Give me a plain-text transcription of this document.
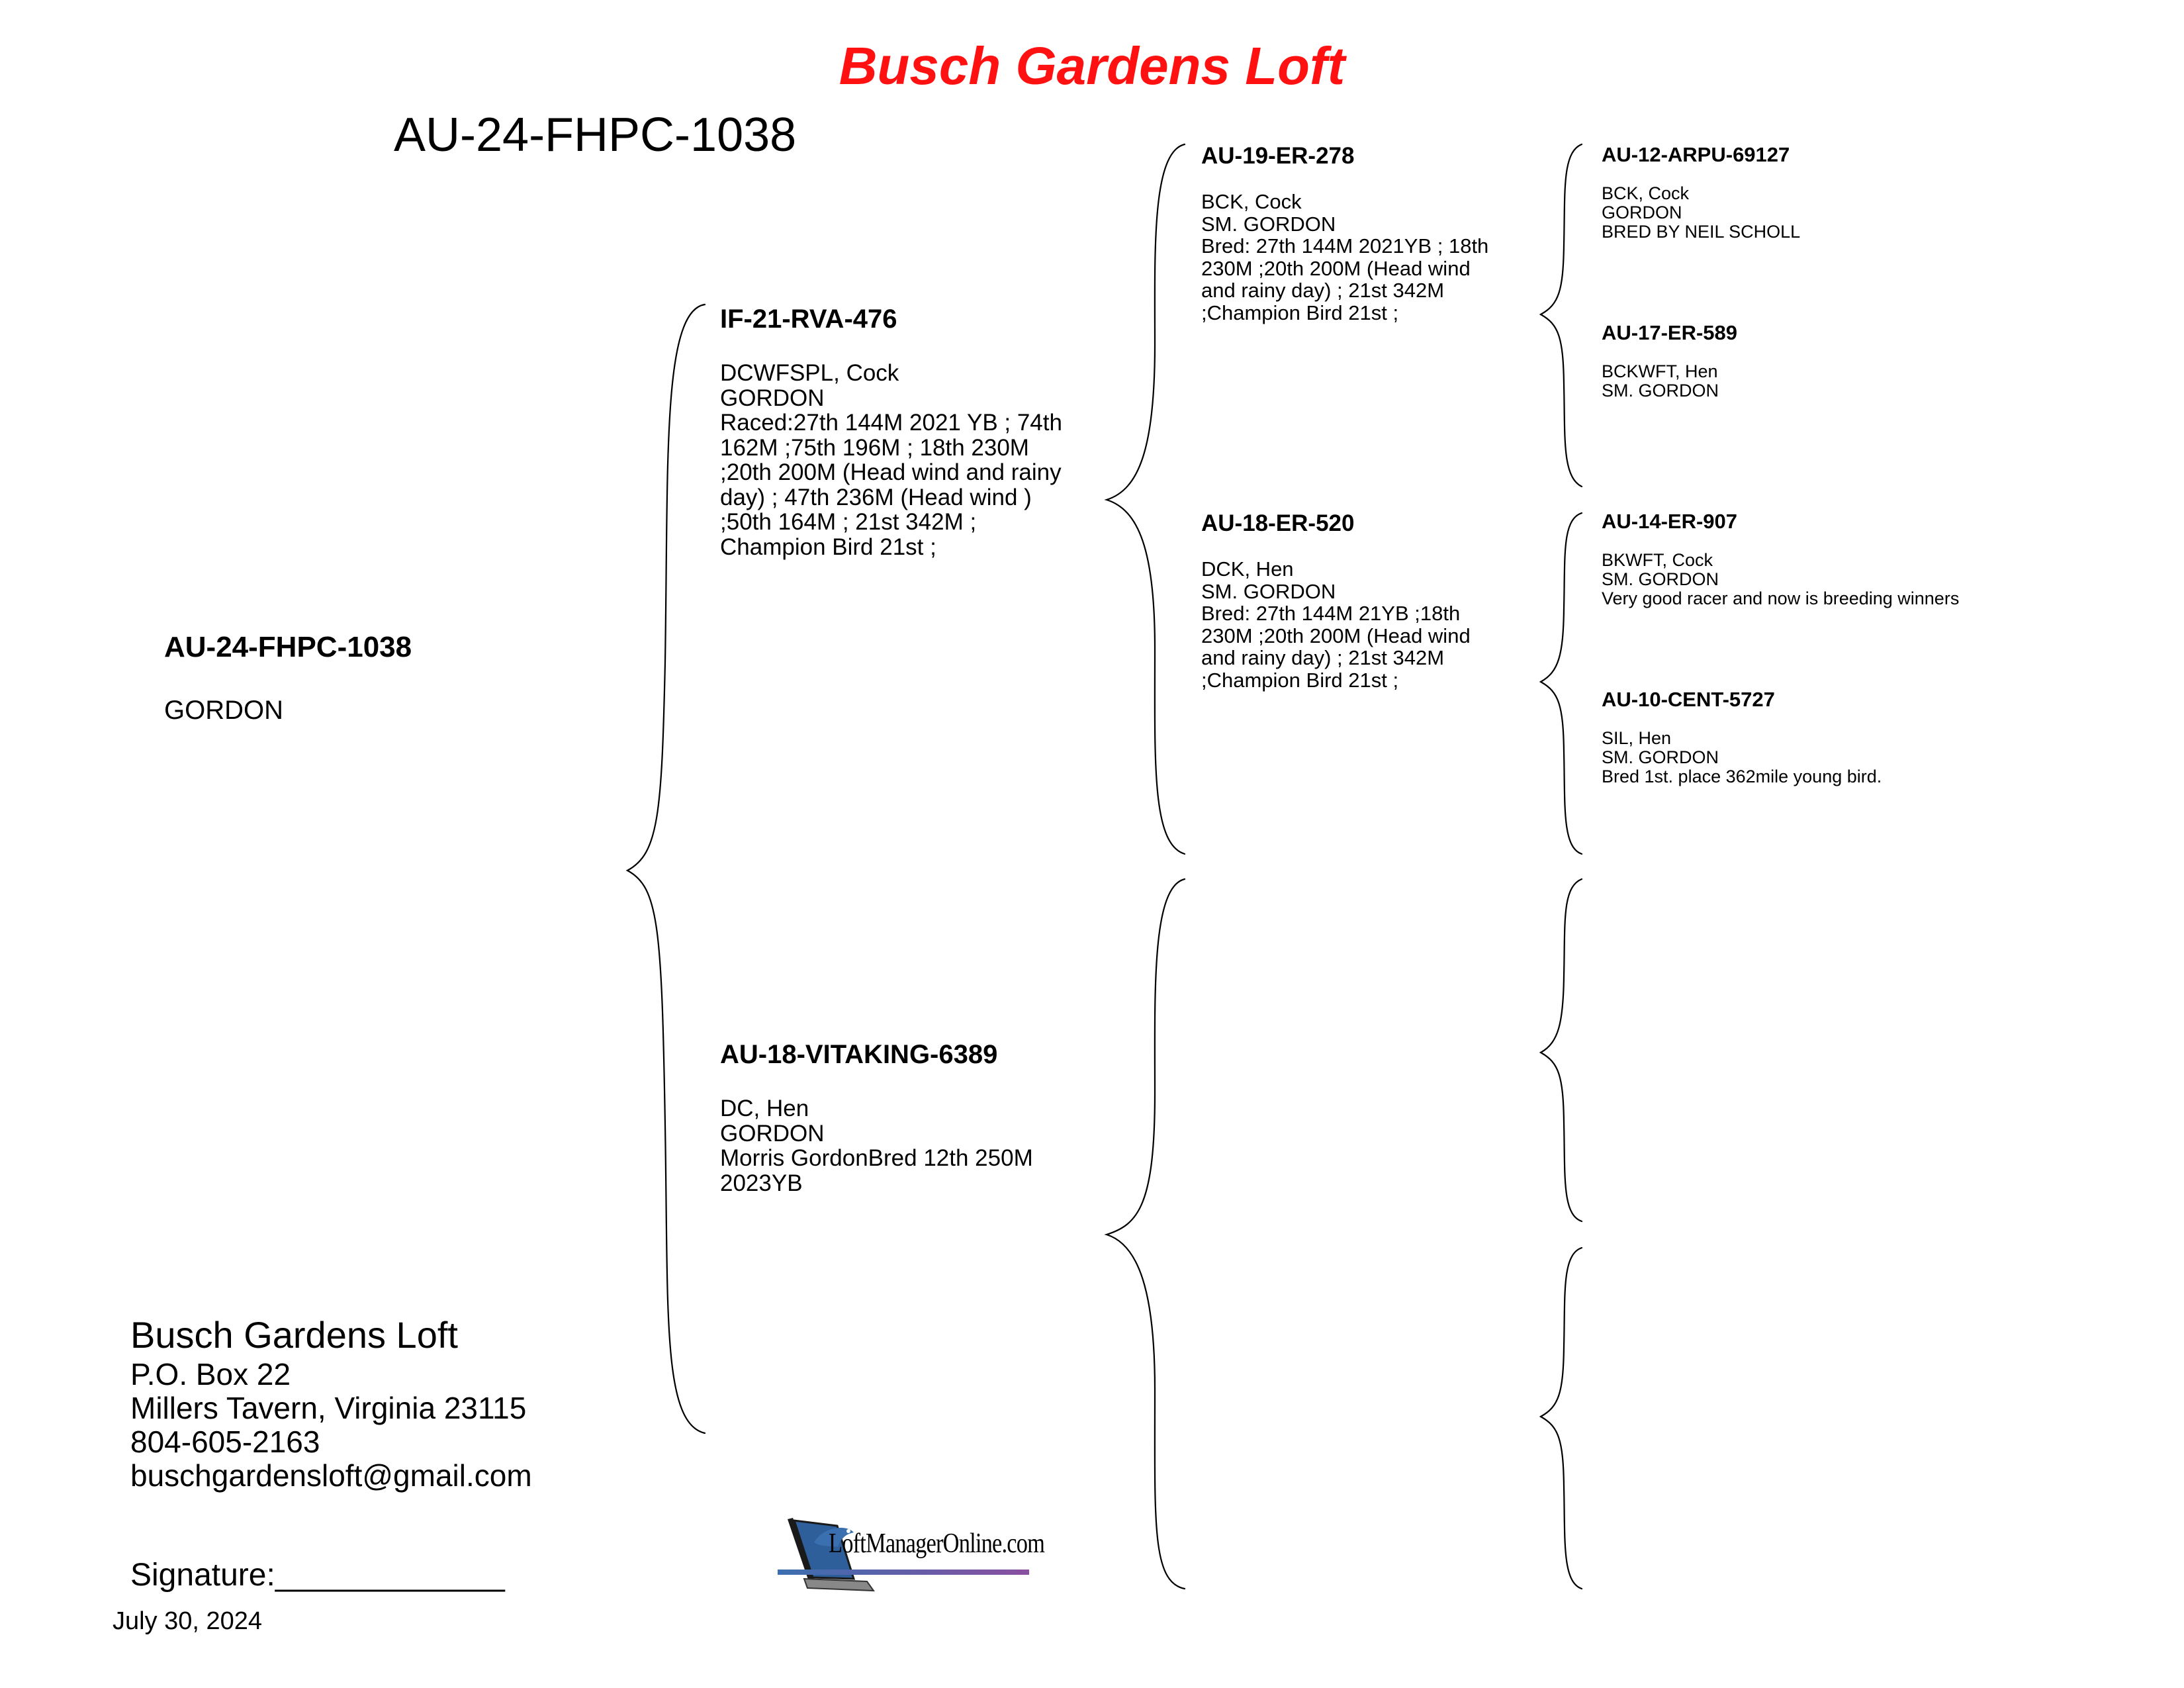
Busch Gardens Loft
AU-24-FHPC-1038
AU-24-FHPC-1038
GORDON
IF-21-RVA-476
DCWFSPL, Cock
GORDON
Raced:27th 144M 2021 YB ; 74th
162M ;75th 196M ; 18th 230M
;20th 200M (Head wind and rainy
day) ; 47th 236M (Head wind )
;50th 164M ; 21st 342M ;
Champion Bird 21st ;
AU-18-VITAKING-6389
DC, Hen
GORDON
Morris GordonBred 12th 250M
2023YB
AU-19-ER-278
BCK, Cock
SM. GORDON
Bred: 27th 144M 2021YB ; 18th
230M ;20th 200M (Head wind
and rainy day) ; 21st 342M
;Champion Bird 21st ;
AU-18-ER-520
DCK, Hen
SM. GORDON
Bred: 27th 144M 21YB ;18th
230M ;20th 200M (Head wind
and rainy day) ; 21st 342M
;Champion Bird 21st ;
AU-12-ARPU-69127
BCK, Cock
GORDON
BRED BY NEIL SCHOLL
AU-17-ER-589
BCKWFT, Hen
SM. GORDON
AU-14-ER-907
BKWFT, Cock
SM. GORDON
Very good racer and now is breeding winners
AU-10-CENT-5727
SIL, Hen
SM. GORDON
Bred 1st. place 362mile young bird.
Busch Gardens Loft
P.O. Box 22
Millers Tavern, Virginia 23115
804-605-2163
buschgardensloft@gmail.com
Signature:_____________
July 30, 2024
LoftManagerOnline.com
